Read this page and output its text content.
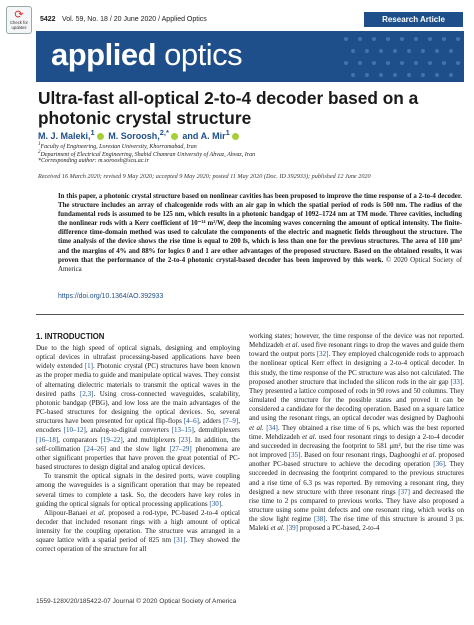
⟳
Check for updates
5422 Vol. 59, No. 18 / 20 June 2020 / Applied Optics	Research Article
applied optics
Ultra-fast all-optical 2-to-4 decoder based on a photonic crystal structure
M. J. Maleki,$^1$ M. Soroosh,$^{2,*}$ and A. Mir$^1$
$^1$Faculty of Engineering, Lorestan University, Khorramabad, Iran
$^2$Department of Electrical Engineering, Shahid Chamran University of Ahvaz, Ahvaz, Iran
*Corresponding author: m.soroosh@scu.ac.ir
Received 16 March 2020; revised 9 May 2020; accepted 9 May 2020; posted 11 May 2020 (Doc. ID 392933); published 12 June 2020
In this paper, a photonic crystal structure based on nonlinear cavities has been proposed to improve the time response of a 2-to-4 decoder. The structure includes an array of chalcogenide rods with an air gap in which the spatial period of rods is 500 nm. The radius of the fundamental rods is assumed to be 125 nm, which results in a photonic bandgap of 1092–1724 nm at TM mode. Three cavities, including the nonlinear rods with a Kerr coefficient of 10⁻¹⁴ m²/W, deep the incoming waves concerning the amount of optical intensity. The finite-difference time-domain method was used to calculate the components of the electric and magnetic fields throughout the structure. The time analysis of the device shows the rise time is equal to 200 fs, which is less than one for the previous structures. The area of 110 μm² and the margins of 4% and 88% for logics 0 and 1 are other advantages of the proposed structure. Based on the obtained results, it was proven that the performance of the 2-to-4 photonic crystal-based decoder has been improved by this work. © 2020 Optical Society of America
https://doi.org/10.1364/AO.392933
1. INTRODUCTION

Due to the high speed of optical signals, designing and employing optical devices in ultrafast processing-based applications have been widely extended [1]. Photonic crystal (PC) structures have been known as the proper media to guide and manipulate optical waves. They consist of alternating dielectric materials to transmit the optical waves in the desired paths [2,3]. Using cross-connected waveguides, scalability, photonic bandgap (PBG), and low loss are the main advantages of the PC-based structures for designing the optical devices. So, several structures have been presented for optical flip-flops [4–6], adders [7–9], encoders [10–12], analog-to-digital converters [13–15], demultiplexers [16–18], comparators [19–22], and multiplexers [23]. In addition, the self-collimation [24–26] and the slow light [27–29] phenomena are other significant properties that have proven the great potential of PC-based structures to design digital and analog optical devices.

To transmit the optical signals in the desired ports, wave coupling among the waveguides is a significant operation that may be repeated several times to complete a task. So, the decoders have key roles in guiding the optical signals for optical processing applications [30].

Alipour-Banaei et al. proposed a rod-type, PC-based 2-to-4 optical decoder that included resonant rings with a high amount of optical intensity for the coupling operation. The structure was arranged in a square lattice with a spatial period of 825 nm [31]. They showed the correct operation of the structure for all

working states; however, the time response of the device was not reported. Mehdizadeh et al. used five resonant rings to drop the waves and guide them toward the output ports [32]. They employed chalcogenide rods to approach the nonlinear optical Kerr effect in designing a 2-to-4 optical decoder. In this study, the time response of the PC structure was also not calculated. The proposed another structure that included the silicon rods in the air gap [33]. They presented a lattice composed of rods in 90 rows and 50 columns. They simulated the structure for the possible states and proved it can be considered a candidate for the decoding operation. Based on a square lattice and using the resonant rings, an optical decoder was designed by Daghoohi et al. [34]. They obtained a rise time of 6 ps, which was the best reported time. Mehdizadeh et al. used four resonant rings to design a 2-to-4 decoder and succeeded in decreasing the footprint to 581 μm², but the rise time was not improved [35]. Based on four resonant rings, Daghooghi et al. proposed another PC-based structure to achieve the decoding operation [36]. They succeeded in decreasing the footprint compared to the previous structures and a rise time of 6.3 ps was reported. By removing a resonant ring, they designed a new structure with three resonant rings [37] and decreased the rise time to 2 ps compared to previous works. They have also proposed a structure using some point defects and one resonant ring, which works on the slow light regime [38]. The rise time of this structure is around 3 ps. Maleki et al. [39] proposed a PC-based, 2-to-4

1559-128X/20/185422-07 Journal © 2020 Optical Society of America
